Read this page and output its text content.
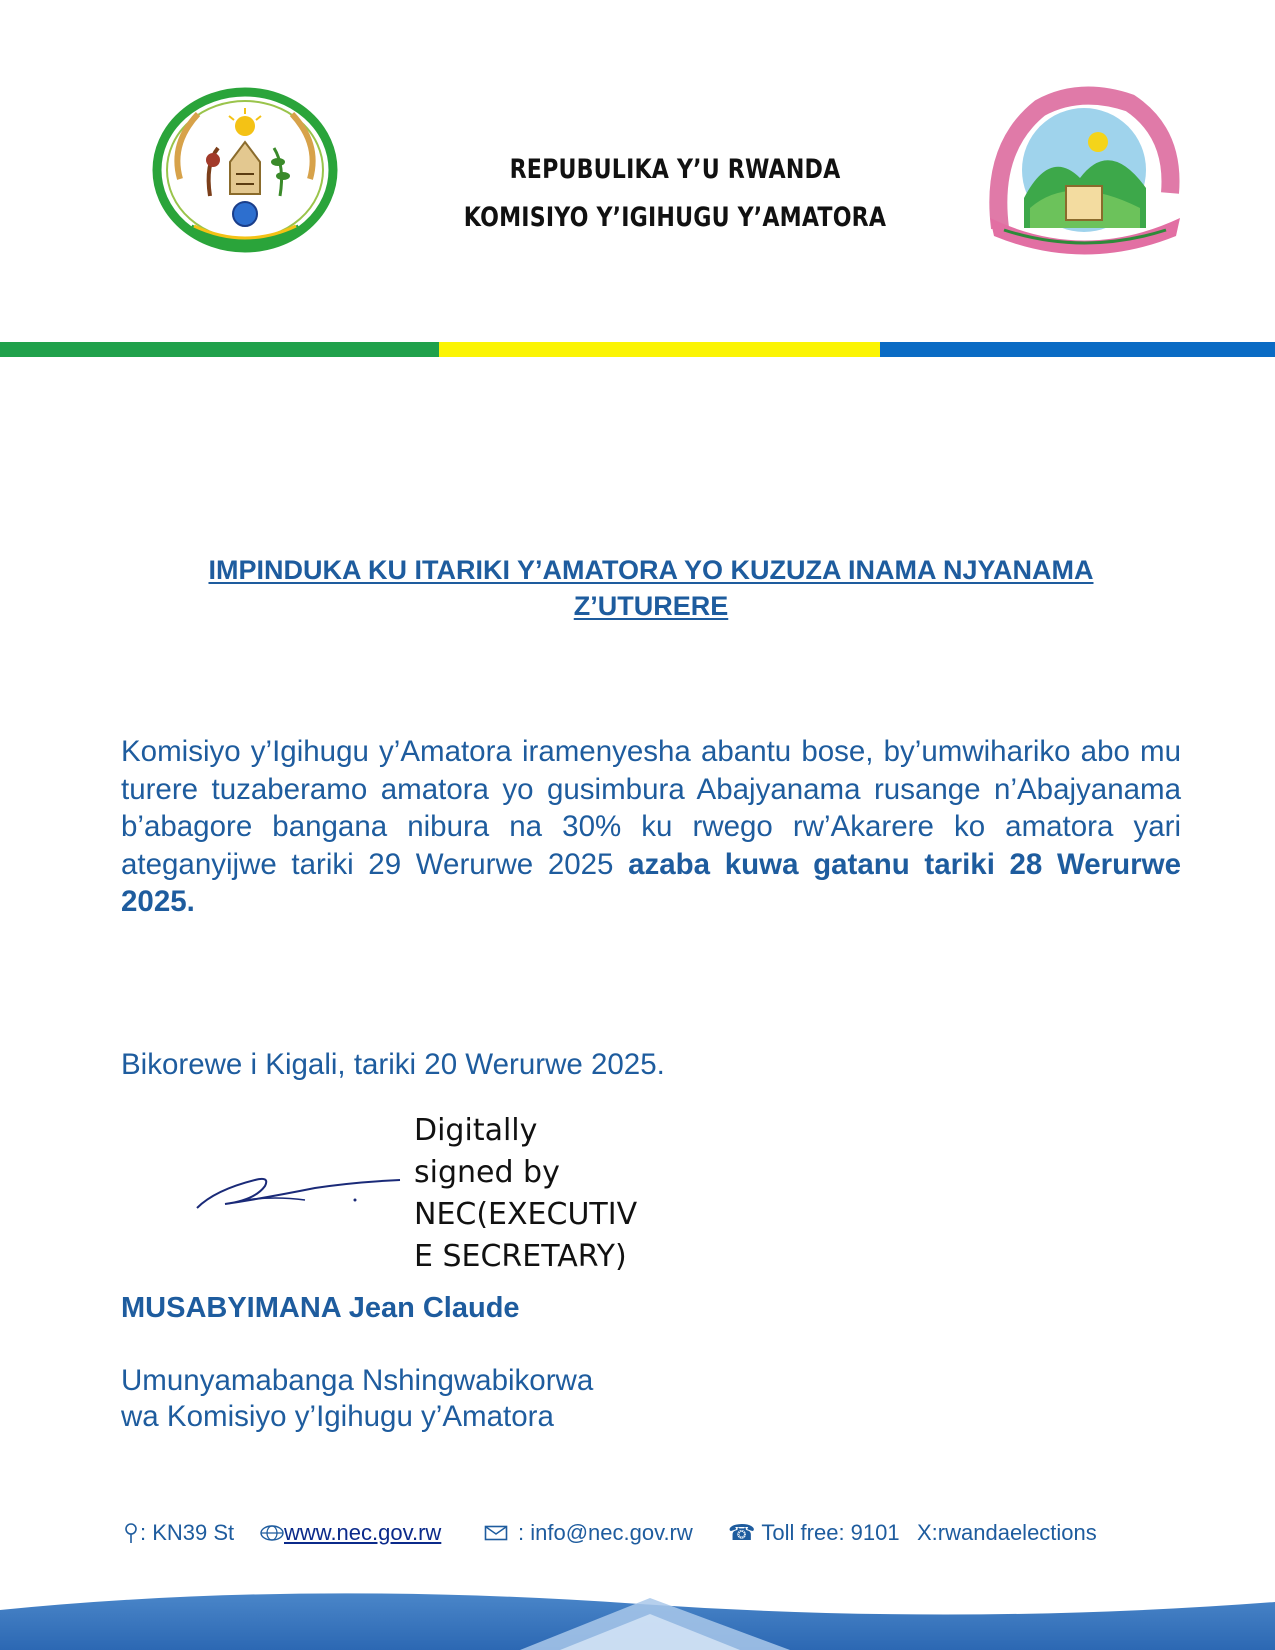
REPUBULIKA Y’U RWANDA
KOMISIYO Y’IGIHUGU Y’AMATORA
IMPINDUKA KU ITARIKI Y’AMATORA YO KUZUZA INAMA NJYANAMA
Z’UTURERE
Komisiyo y’Igihugu y’Amatora iramenyesha abantu bose, by’umwihariko abo mu turere tuzaberamo amatora yo gusimbura Abajyanama rusange n’Abajyanama b’abagore bangana nibura na 30% ku rwego rw’Akarere ko amatora yari ateganyijwe tariki 29 Werurwe 2025 azaba kuwa gatanu tariki 28 Werurwe 2025.
Bikorewe i Kigali, tariki 20 Werurwe 2025.
Digitally
signed by
NEC(EXECUTIV
E SECRETARY)
MUSABYIMANA Jean Claude
Umunyamabanga Nshingwabikorwa
wa Komisiyo y’Igihugu y’Amatora
: KN39 St www.nec.gov.rw	: info@nec.gov.rw ☎ Toll free: 9101 X:rwandaelections
